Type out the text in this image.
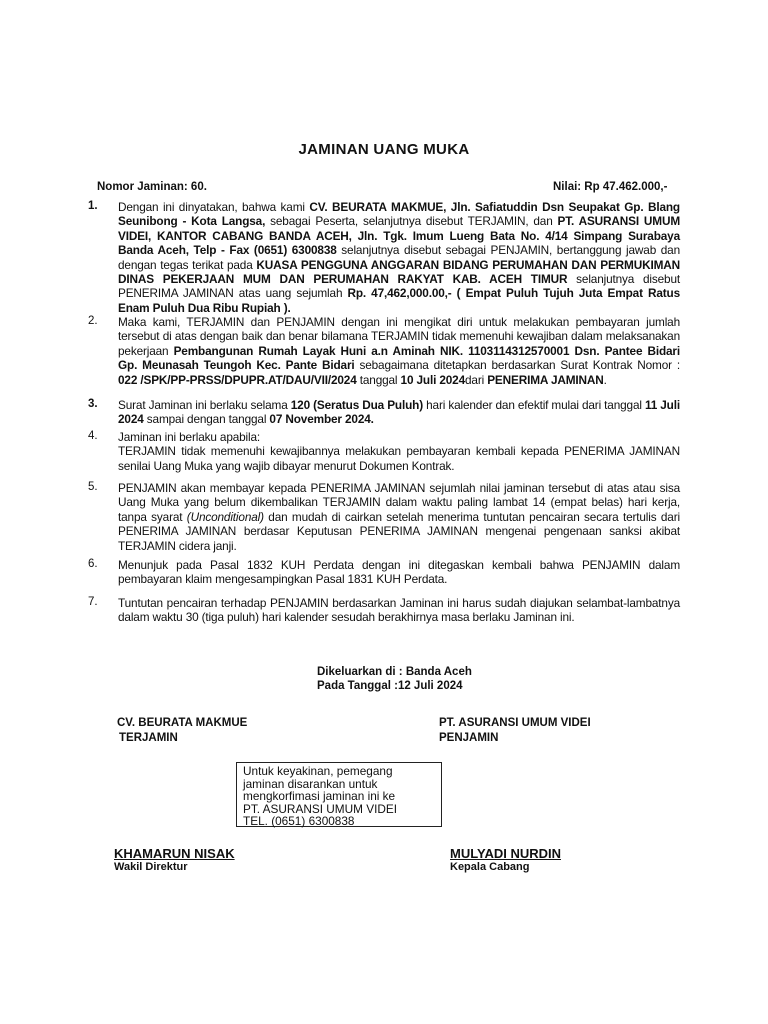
JAMINAN UANG MUKA
Nomor Jaminan: 60.	Nilai: Rp 47.462.000,-
1.	Dengan ini dinyatakan, bahwa kami CV. BEURATA MAKMUE, Jln. Safiatuddin Dsn Seupakat Gp. Blang Seunibong - Kota Langsa, sebagai Peserta, selanjutnya disebut TERJAMIN, dan PT. ASURANSI UMUM VIDEI, KANTOR CABANG BANDA ACEH, Jln. Tgk. Imum Lueng Bata No. 4/14 Simpang Surabaya Banda Aceh, Telp - Fax (0651) 6300838 selanjutnya disebut sebagai PENJAMIN, bertanggung jawab dan dengan tegas terikat pada KUASA PENGGUNA ANGGARAN BIDANG PERUMAHAN DAN PERMUKIMAN DINAS PEKERJAAN MUM DAN PERUMAHAN RAKYAT KAB. ACEH TIMUR selanjutnya disebut PENERIMA JAMINAN atas uang sejumlah Rp. 47,462,000.00,- ( Empat Puluh Tujuh Juta Empat Ratus Enam Puluh Dua Ribu Rupiah ).
2.	Maka kami, TERJAMIN dan PENJAMIN dengan ini mengikat diri untuk melakukan pembayaran jumlah tersebut di atas dengan baik dan benar bilamana TERJAMIN tidak memenuhi kewajiban dalam melaksanakan pekerjaan Pembangunan Rumah Layak Huni a.n Aminah NIK. 1103114312570001 Dsn. Pantee Bidari Gp. Meunasah Teungoh Kec. Pante Bidari sebagaimana ditetapkan berdasarkan Surat Kontrak Nomor : 022 /SPK/PP-PRSS/DPUPR.AT/DAU/VII/2024 tanggal 10 Juli 2024dari PENERIMA JAMINAN.
3.	Surat Jaminan ini berlaku selama 120 (Seratus Dua Puluh) hari kalender dan efektif mulai dari tanggal 11 Juli 2024 sampai dengan tanggal 07 November 2024.
4.	Jaminan ini berlaku apabila:
TERJAMIN tidak memenuhi kewajibannya melakukan pembayaran kembali kepada PENERIMA JAMINAN senilai Uang Muka yang wajib dibayar menurut Dokumen Kontrak.
5.	PENJAMIN akan membayar kepada PENERIMA JAMINAN sejumlah nilai jaminan tersebut di atas atau sisa Uang Muka yang belum dikembalikan TERJAMIN dalam waktu paling lambat 14 (empat belas) hari kerja, tanpa syarat (Unconditional) dan mudah di cairkan setelah menerima tuntutan pencairan secara tertulis dari PENERIMA JAMINAN berdasar Keputusan PENERIMA JAMINAN mengenai pengenaan sanksi akibat TERJAMIN cidera janji.
6.	Menunjuk pada Pasal 1832 KUH Perdata dengan ini ditegaskan kembali bahwa PENJAMIN dalam pembayaran klaim mengesampingkan Pasal 1831 KUH Perdata.
7.	Tuntutan pencairan terhadap PENJAMIN berdasarkan Jaminan ini harus sudah diajukan selambat-lambatnya dalam waktu 30 (tiga puluh) hari kalender sesudah berakhirnya masa berlaku Jaminan ini.
Dikeluarkan di : Banda Aceh
Pada Tanggal :12 Juli 2024
CV. BEURATA MAKMUE
TERJAMIN
PT. ASURANSI UMUM VIDEI
PENJAMIN
Untuk keyakinan, pemegang
jaminan disarankan untuk
mengkorfimasi jaminan ini ke
PT. ASURANSI UMUM VIDEI
TEL. (0651) 6300838
KHAMARUN NISAK
Wakil Direktur
MULYADI NURDIN
Kepala Cabang
